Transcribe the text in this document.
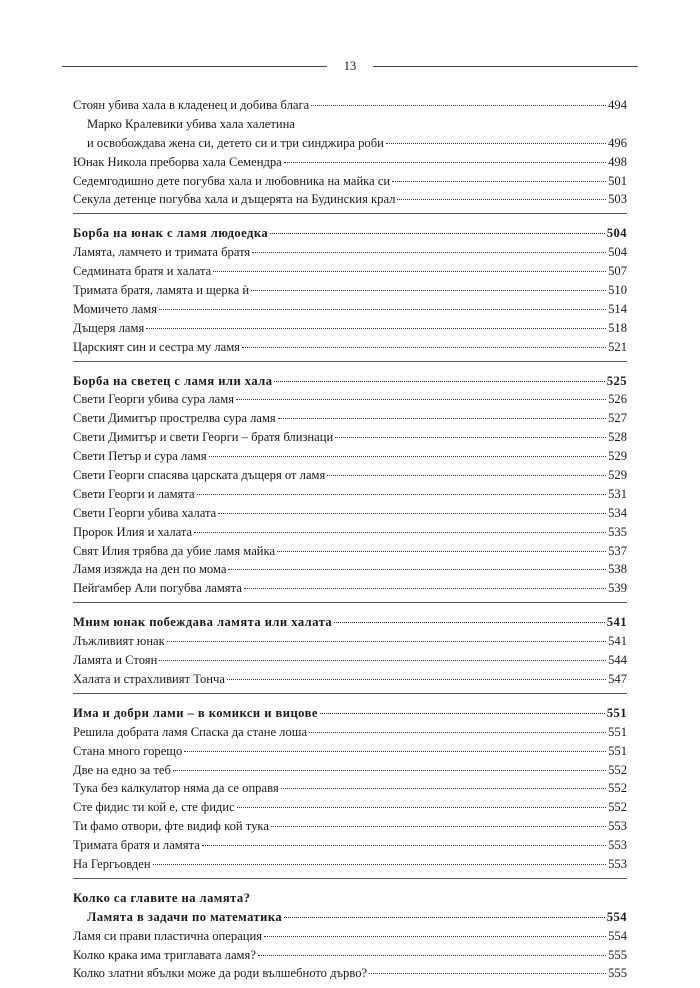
13
Стоян убива хала в кладенец и добива блага	494
Марко Кралевики убива хала халетина
и освобождава жена си, детето си и три синджира роби	496
Юнак Никола преборва хала Семендра	498
Седемгодишно дете погубва хала и любовника на майка си	501
Секула детенце погубва хала и дъщерята на Будинския крал	503
Борба на юнак с ламя людоедка	504
Ламята, ламчето и тримата братя	504
Седмината братя и халата	507
Тримата братя, ламята и щерка ѝ	510
Момичето ламя	514
Дъщеря ламя	518
Царският син и сестра му ламя	521
Борба на светец с ламя или хала	525
Свети Георги убива сура ламя	526
Свети Димитър прострелва сура ламя	527
Свети Димитър и свети Георги – братя близнаци	528
Свети Петър и сура ламя	529
Свети Георги спасява царската дъщеря от ламя	529
Свети Георги и ламята	531
Свети Георги убива халата	534
Пророк Илия и халата	535
Свят Илия трябва да убие ламя майка	537
Ламя изяжда на ден по мома	538
Пейгамбер Али погубва ламята	539
Мним юнак побеждава ламята или халата	541
Лъжливият юнак	541
Ламята и Стоян	544
Халата и страхливият Тонча	547
Има и добри лами – в комикси и вицове	551
Решила добрата ламя Спаска да стане лоша	551
Стана много горещо	551
Две на едно за теб	552
Тука без калкулатор няма да се оправя	552
Сте фидис ти кой е, сте фидис	552
Ти фамо отвори, фте видиф кой тука	553
Тримата братя и ламята	553
На Гергьовден	553
Колко са главите на ламята?
Ламята в задачи по математика	554
Ламя си прави пластична операция	554
Колко крака има триглавата ламя?	555
Колко златни ябълки може да роди вълшебното дърво?	555
